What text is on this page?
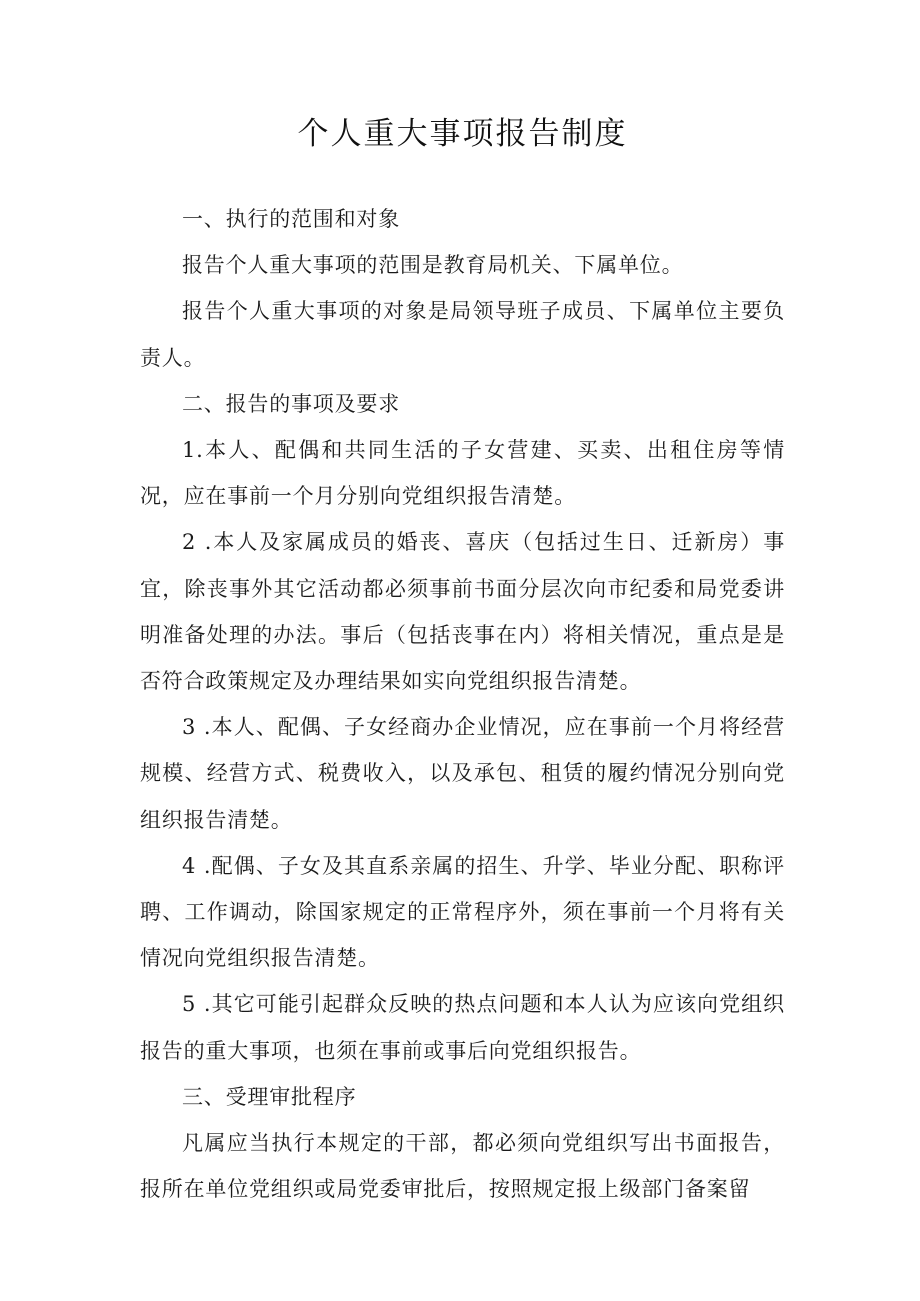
个人重大事项报告制度

一、执行的范围和对象

报告个人重大事项的范围是教育局机关、下属单位。

报告个人重大事项的对象是局领导班子成员、下属单位主要负责人。

二、报告的事项及要求

1.本人、配偶和共同生活的子女营建、买卖、出租住房等情况，应在事前一个月分别向党组织报告清楚。

2 .本人及家属成员的婚丧、喜庆（包括过生日、迁新房）事宜，除丧事外其它活动都必须事前书面分层次向市纪委和局党委讲明准备处理的办法。事后（包括丧事在内）将相关情况，重点是是否符合政策规定及办理结果如实向党组织报告清楚。

3 .本人、配偶、子女经商办企业情况，应在事前一个月将经营规模、经营方式、税费收入，以及承包、租赁的履约情况分别向党组织报告清楚。

4 .配偶、子女及其直系亲属的招生、升学、毕业分配、职称评聘、工作调动，除国家规定的正常程序外，须在事前一个月将有关情况向党组织报告清楚。

5 .其它可能引起群众反映的热点问题和本人认为应该向党组织报告的重大事项，也须在事前或事后向党组织报告。

三、受理审批程序

凡属应当执行本规定的干部，都必须向党组织写出书面报告，报所在单位党组织或局党委审批后，按照规定报上级部门备案留
